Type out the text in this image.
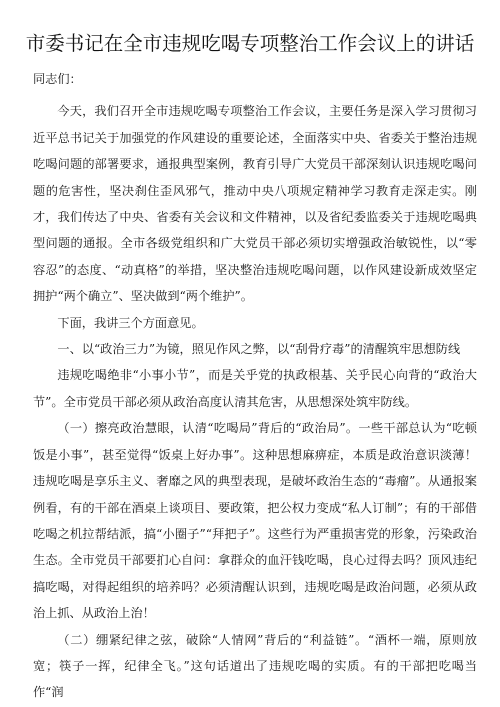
市委书记在全市违规吃喝专项整治工作会议上的讲话

同志们：

今天，我们召开全市违规吃喝专项整治工作会议，主要任务是深入学习贯彻习近平总书记关于加强党的作风建设的重要论述，全面落实中央、省委关于整治违规吃喝问题的部署要求，通报典型案例，教育引导广大党员干部深刻认识违规吃喝问题的危害性，坚决刹住歪风邪气，推动中央八项规定精神学习教育走深走实。刚才，我们传达了中央、省委有关会议和文件精神，以及省纪委监委关于违规吃喝典型问题的通报。全市各级党组织和广大党员干部必须切实增强政治敏锐性，以“零容忍”的态度、“动真格”的举措，坚决整治违规吃喝问题，以作风建设新成效坚定拥护“两个确立”、坚决做到“两个维护”。

下面，我讲三个方面意见。

一、以“政治三力”为镜，照见作风之弊，以“刮骨疗毒”的清醒筑牢思想防线

违规吃喝绝非“小事小节”，而是关乎党的执政根基、关乎民心向背的“政治大节”。全市党员干部必须从政治高度认清其危害，从思想深处筑牢防线。

（一）擦亮政治慧眼，认清“吃喝局”背后的“政治局”。一些干部总认为“吃顿饭是小事”，甚至觉得“饭桌上好办事”。这种思想麻痹症，本质是政治意识淡薄！违规吃喝是享乐主义、奢靡之风的典型表现，是破坏政治生态的“毒瘤”。从通报案例看，有的干部在酒桌上谈项目、要政策，把公权力变成“私人订制”；有的干部借吃喝之机拉帮结派，搞“小圈子”“拜把子”。这些行为严重损害党的形象，污染政治生态。全市党员干部要扪心自问：拿群众的血汗钱吃喝，良心过得去吗？顶风违纪搞吃喝，对得起组织的培养吗？必须清醒认识到，违规吃喝是政治问题，必须从政治上抓、从政治上治！

（二）绷紧纪律之弦，破除“人情网”背后的“利益链”。“酒杯一端，原则放宽；筷子一挥，纪律全飞。”这句话道出了违规吃喝的实质。有的干部把吃喝当作“润
